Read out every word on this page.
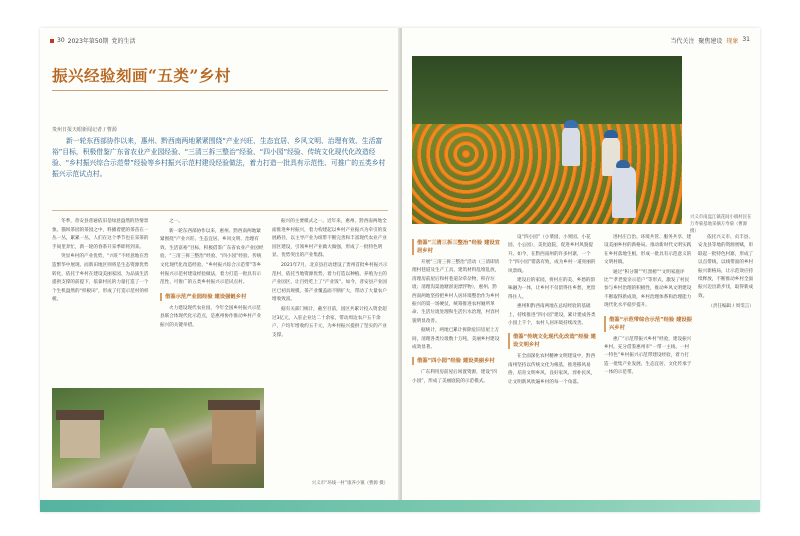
30 2023年第50期 党的生活
振兴经验刻画“五类”乡村
贵州日报天眼新闻记者 / 曹源

新一轮东西部协作以来，惠州、黔西南两地紧紧围绕“产业兴旺、生态宜居、乡风文明、治理有效、生活富裕”目标，积极借鉴广东省农业产业园经验、“三清三拆三整治”经验、“四小园”经验、传统文化现代化改造经验、“乡村振兴综合示范带”经验等乡村振兴示范村建设经验做法，着力打造一批具有示范性、可推广的五类乡村振兴示范试点村。

冬季，普安县普通依旧是绿意盎然的热情景象。猫坝茶园的茶园之中，料播着肥的茶苗在一丛一丛，累累一丛，人们在这个季节也在采茶的手间里奔忙，新一轮的春茶开采季即将到来。

突显乡村的产业优势，“兴旺”不经意地在营造繁华中展现、而新田地区则将是生态资源优势转化，依托于乡村在建设美丽家园、为品质生活提供支撑的前提下，依靠村民的力量打造了一个个生机盎然的“样板田”，形成了打造示范村的样板。

之一。

新一轮东西部协作以来，惠州、黔西南两地紧紧围绕“产业兴旺、生态宜居、乡风文明、治理有效、生活富裕”目标，积极借鉴广东省农业产业园经验、“三清三拆三整治”经验、“四小园”经验、传统文化现代化改造经验、“乡村振兴综合示范带”等乡村振兴示范村建设经验做法，着力打造一批具有示范性、可推广的五类乡村振兴示范试点村。

借鉴示范产业园经验 建设强链乡村

火力建设现代农业园，今年全国乡村振兴示范县联合体现代化示范点，是惠州协作推动乡村产业振兴的关键举措。

振兴的主要模式之一。近年来，惠州、黔西南两地全面推进乡村振兴，着力构建起以乡村产业振兴为牵引的发展路径，以主导产业为纽带不断完善和丰富现代农业产业园区建设，引领乡村产业做大做强，形成了一批特色明显、优势突出的产业集群。

2021年7月，北京县启动建设了贵州首批乡村振兴示范村，依托当地资源优势，着力打造以种植、养殖为主的产业园区，让百姓吃上了“产业饭”。如今，普安县产业园区已初具规模，茶产业覆盖面不断扩大，带动了大量农户增收致富。

据有关部门统计，截至目前，园区共累计投入资金超过3亿元，入驻企业达二十余家，带动周边农户五千余户，户均年增收约五千元，为乡村振兴提供了坚实的产业支撑。

兴义市“环线一村”康养小镇（曹源 摄）
当代关注 聚焦建设 现象 31
兴义市南盘江镇花间小镇村民在万寿菊基地采摘万寿菊（曹源 摄）
借鉴“三清三拆三整治”经验 建设宜居乡村

开展“三清三拆三整治”活动（三清即清理村巷道及生产工具，建筑材料乱堆乱放，清理房前屋后和村巷道杂草杂物，积存垃圾；清理沟渠池塘淤泥漂浮物），惠州、黔西南两地坚持把乡村人居环境整治作为乡村振兴的第一场硬仗，统筹推进农村厕所革命、生活垃圾处理和生活污水治理，村容村貌明显改善。

据统计，两地已累计拆除危旧房屋上万间，清理各类垃圾数十万吨，美丽乡村建设成效显著。

借鉴“四小园”经验 建设美丽乡村

广东利用房前屋后闲置资源，建设“四小园”，形成了美丽庭院的示范模式。

设“四小园”（小菜园、小果园、小花园、小公园），美化庭院，促进乡村风貌提升。如今，在黔西南州的许多村寨，一个个“四小园”错落有致，成为乡村一道亮丽的风景线。

建设后的家园，将村庄的美、乡愁的韵味融为一体，让乡村不仅留得住乡愁，更留得住人。

惠州和黔西南两地在总结经验的基础上，持续推进“四小园”建设，累计建成各类小园上千个，农村人居环境持续改善。

借鉴“传统文化现代化改造”经验 建设文明乡村

在全面深化农村精神文明建设中，黔西南州坚持以传统文化为根基，推进移风易俗，培育文明乡风、良好家风、淳朴民风，让文明新风吹遍乡村的每一个角落。

进村庄自治、环境共管、服务共享、建设美丽乡村的新格局。推动新时代文明实践在乡村落地生根，形成一批具有示范意义的文明村镇。

通过“积分制”“红黑榜”“文明家庭评比”“孝老爱亲示范户”等形式，激发了村民参与乡村治理的积极性，推动乡风文明建设不断取得新成效，乡村治理体系和治理能力现代化水平稳步提升。

借鉴“示范带综合示范”经验 建设振兴乡村

惠广“示范带振兴乡村”经验，建设振兴乡村。充分借鉴惠州市“一带一主线、一村一特色”乡村振兴示范带建设经验，着力打造一批集产业发展、生态宜居、文化传承于一体的示范带。

依托兴义市、贞丰县、安龙县等地的资源禀赋，串联起一批特色村寨，形成了以点带线、以线带面的乡村振兴新格局，让示范效应持续释放，不断推动乡村全面振兴迈出新步伐，取得新成效。

（责任编辑 / 周雯言）
